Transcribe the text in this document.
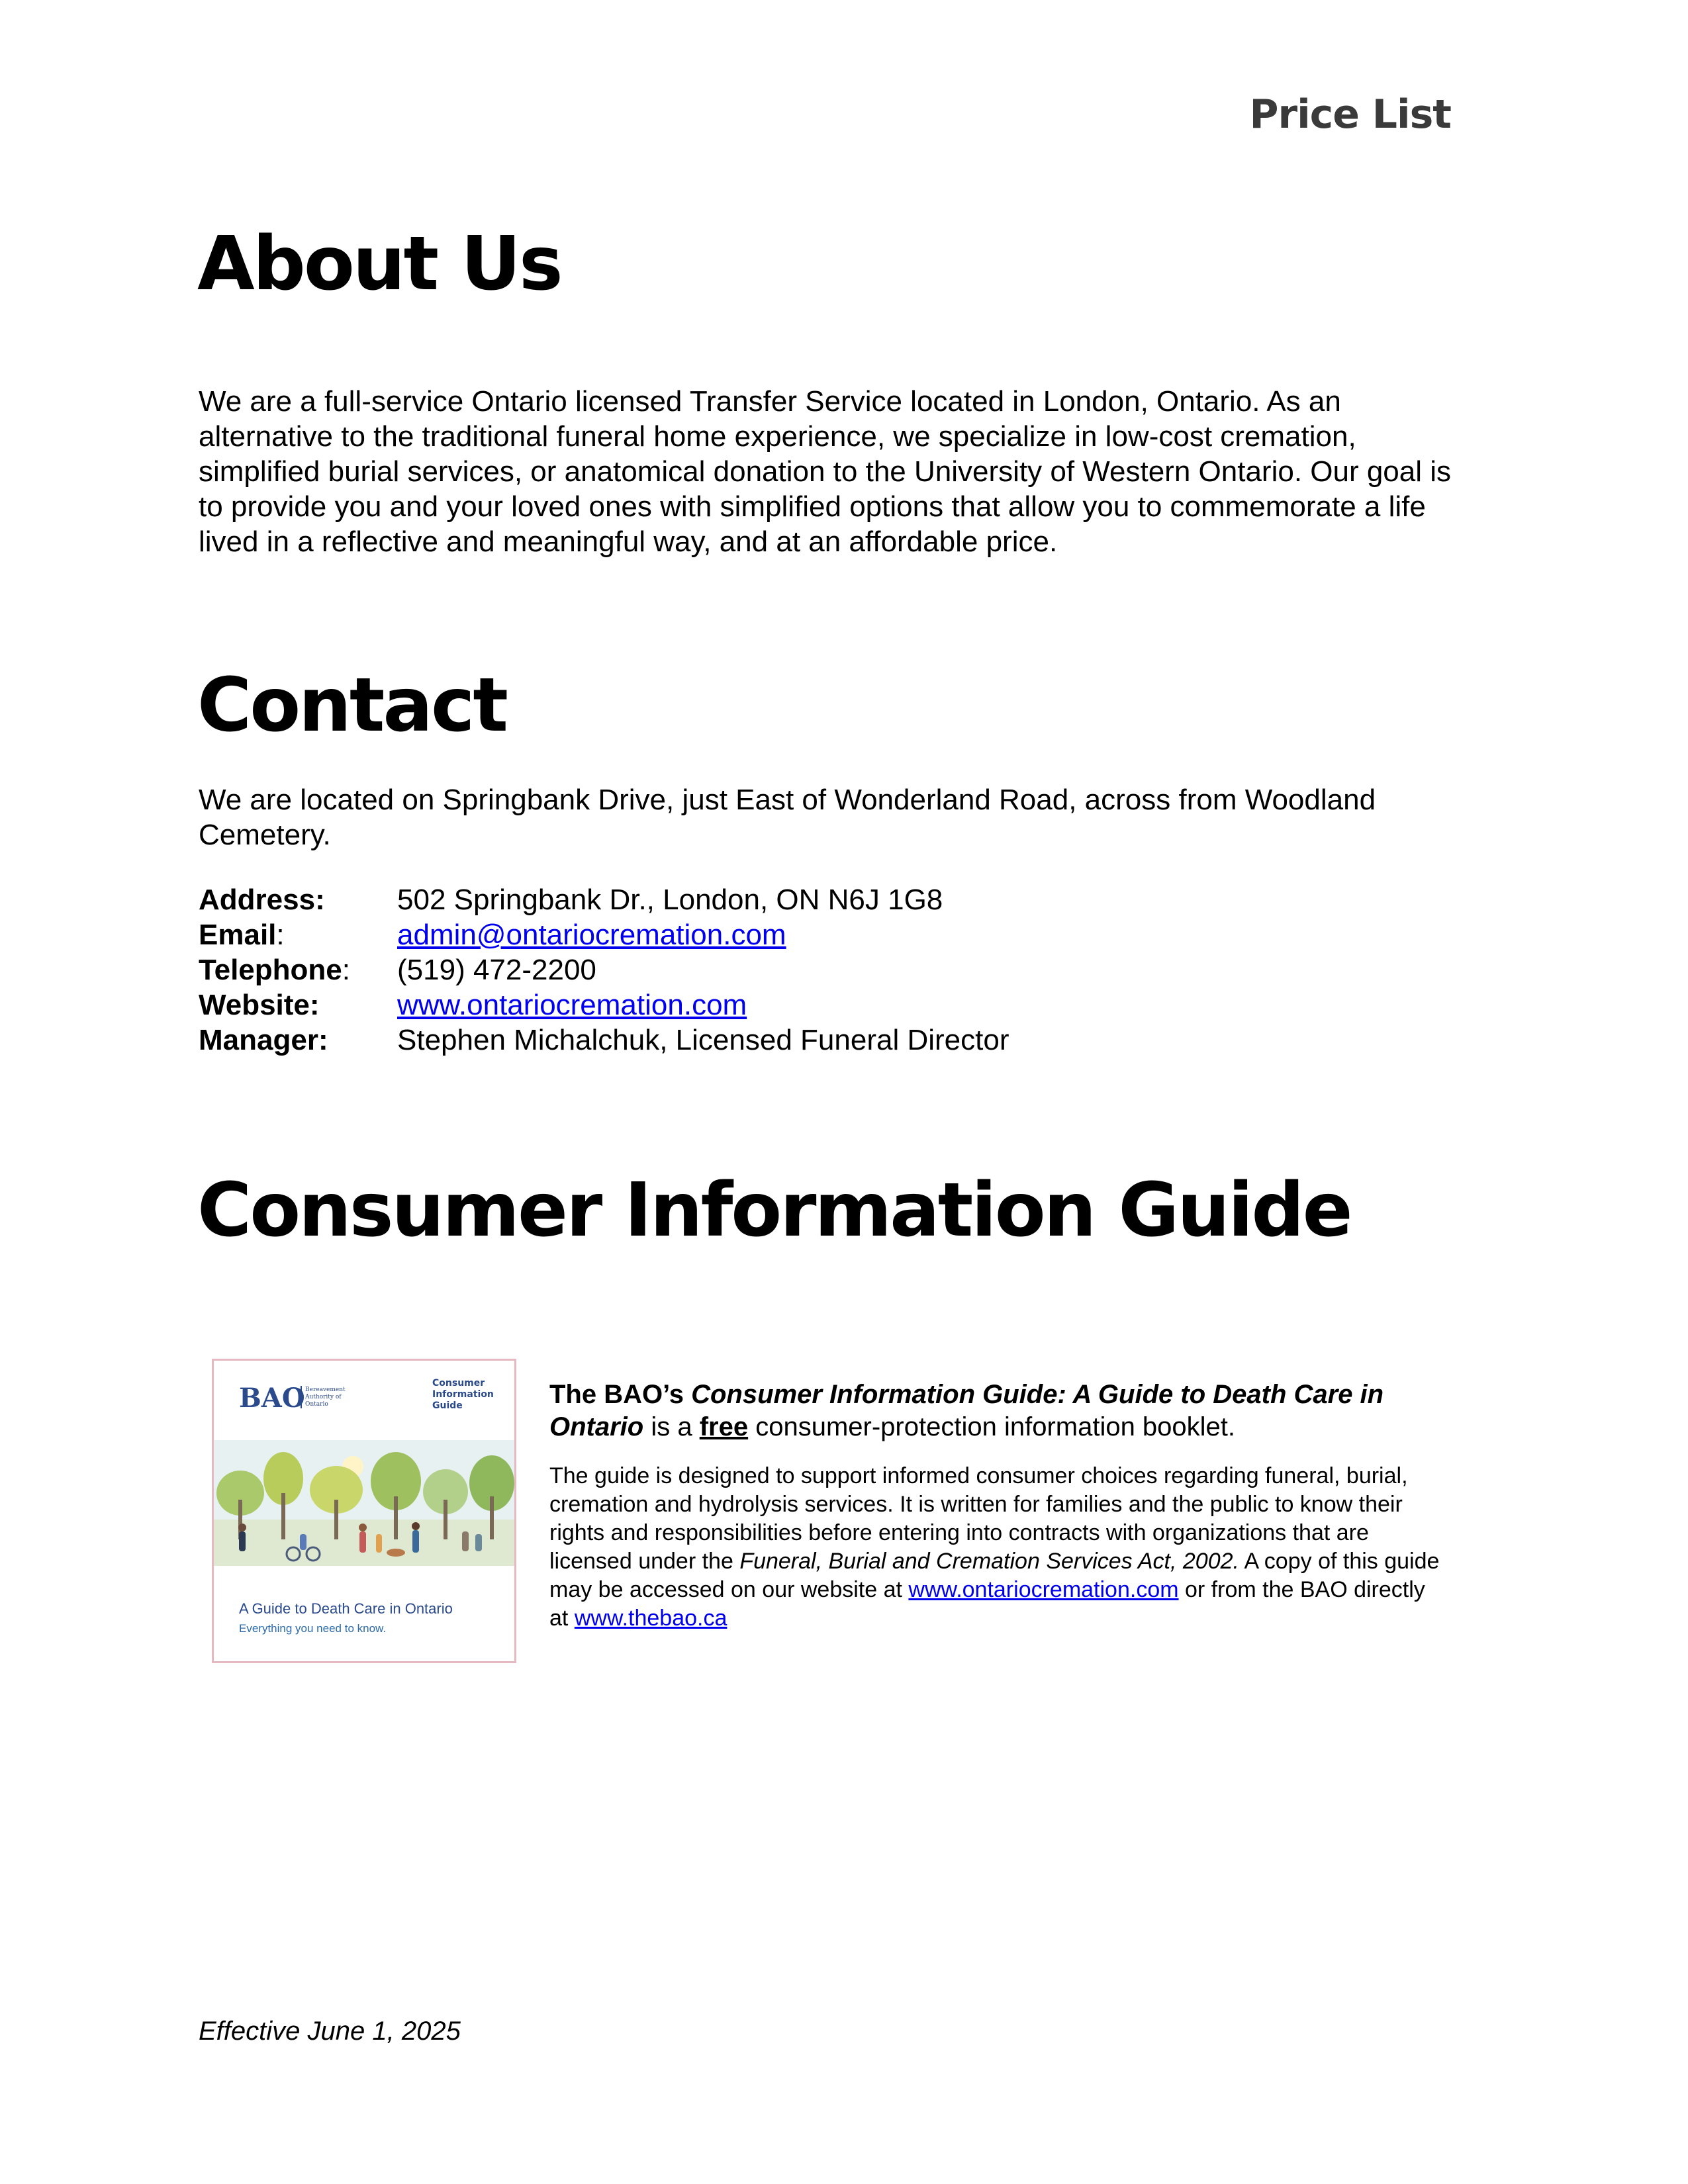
Price List
About Us
We are a full-service Ontario licensed Transfer Service located in London, Ontario. As an alternative to the traditional funeral home experience, we specialize in low-cost cremation, simplified burial services, or anatomical donation to the University of Western Ontario. Our goal is to provide you and your loved ones with simplified options that allow you to commemorate a life lived in a reflective and meaningful way, and at an affordable price.
Contact
We are located on Springbank Drive, just East of Wonderland Road, across from Woodland Cemetery.
Address:	502 Springbank Dr., London, ON N6J 1G8
Email:	admin@ontariocremation.com
Telephone:	(519) 472-2200
Website:	www.ontariocremation.com
Manager:	Stephen Michalchuk, Licensed Funeral Director
Consumer Information Guide
BAO Bereavement
Authority of
Ontario
Consumer
Information
Guide
A Guide to Death Care in Ontario
Everything you need to know.
The BAO’s Consumer Information Guide: A Guide to Death Care in Ontario is a free consumer-protection information booklet.
The guide is designed to support informed consumer choices regarding funeral, burial, cremation and hydrolysis services. It is written for families and the public to know their rights and responsibilities before entering into contracts with organizations that are licensed under the Funeral, Burial and Cremation Services Act, 2002. A copy of this guide may be accessed on our website at www.ontariocremation.com or from the BAO directly at www.thebao.ca
Effective June 1, 2025
